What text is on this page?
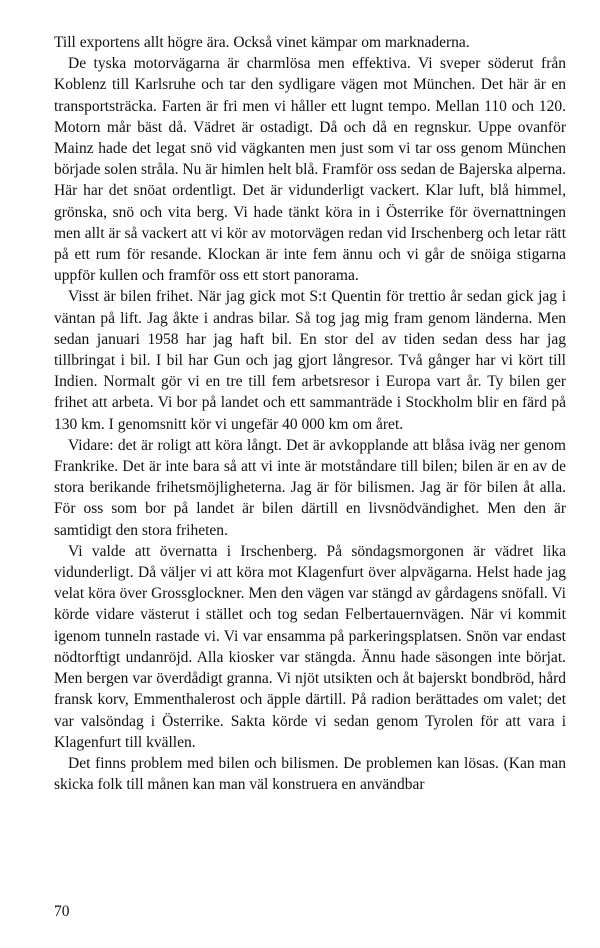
Till exportens allt högre ära. Också vinet kämpar om marknaderna.

De tyska motorvägarna är charmlösa men effektiva. Vi sveper söderut från Koblenz till Karlsruhe och tar den sydligare vägen mot München. Det här är en transportsträcka. Farten är fri men vi håller ett lugnt tempo. Mellan 110 och 120. Motorn mår bäst då. Vädret är ostadigt. Då och då en regnskur. Uppe ovanför Mainz hade det legat snö vid vägkanten men just som vi tar oss genom München började solen stråla. Nu är himlen helt blå. Framför oss sedan de Bajerska alperna. Här har det snöat ordentligt. Det är vidunderligt vackert. Klar luft, blå himmel, grönska, snö och vita berg. Vi hade tänkt köra in i Österrike för övernattningen men allt är så vackert att vi kör av motorvägen redan vid Irschenberg och letar rätt på ett rum för resande. Klockan är inte fem ännu och vi går de snöiga stigarna uppför kullen och framför oss ett stort panorama.

Visst är bilen frihet. När jag gick mot S:t Quentin för trettio år sedan gick jag i väntan på lift. Jag åkte i andras bilar. Så tog jag mig fram genom länderna. Men sedan januari 1958 har jag haft bil. En stor del av tiden sedan dess har jag tillbringat i bil. I bil har Gun och jag gjort långresor. Två gånger har vi kört till Indien. Normalt gör vi en tre till fem arbetsresor i Europa vart år. Ty bilen ger frihet att arbeta. Vi bor på landet och ett sammanträde i Stockholm blir en färd på 130 km. I genomsnitt kör vi ungefär 40 000 km om året.

Vidare: det är roligt att köra långt. Det är avkopplande att blåsa iväg ner genom Frankrike. Det är inte bara så att vi inte är motståndare till bilen; bilen är en av de stora berikande frihetsmöjligheterna. Jag är för bilismen. Jag är för bilen åt alla. För oss som bor på landet är bilen därtill en livsnödvändighet. Men den är samtidigt den stora friheten.

Vi valde att övernatta i Irschenberg. På söndagsmorgonen är vädret lika vidunderligt. Då väljer vi att köra mot Klagenfurt över alpvägarna. Helst hade jag velat köra över Grossglockner. Men den vägen var stängd av gårdagens snöfall. Vi körde vidare västerut i stället och tog sedan Felbertauernvägen. När vi kommit igenom tunneln rastade vi. Vi var ensamma på parkeringsplatsen. Snön var endast nödtorftigt undanröjd. Alla kiosker var stängda. Ännu hade säsongen inte börjat. Men bergen var överdådigt granna. Vi njöt utsikten och åt bajerskt bondbröd, hård fransk korv, Emmenthalerost och äpple därtill. På radion berättades om valet; det var valsöndag i Österrike. Sakta körde vi sedan genom Tyrolen för att vara i Klagenfurt till kvällen.

Det finns problem med bilen och bilismen. De problemen kan lösas. (Kan man skicka folk till månen kan man väl konstruera en användbar

70
